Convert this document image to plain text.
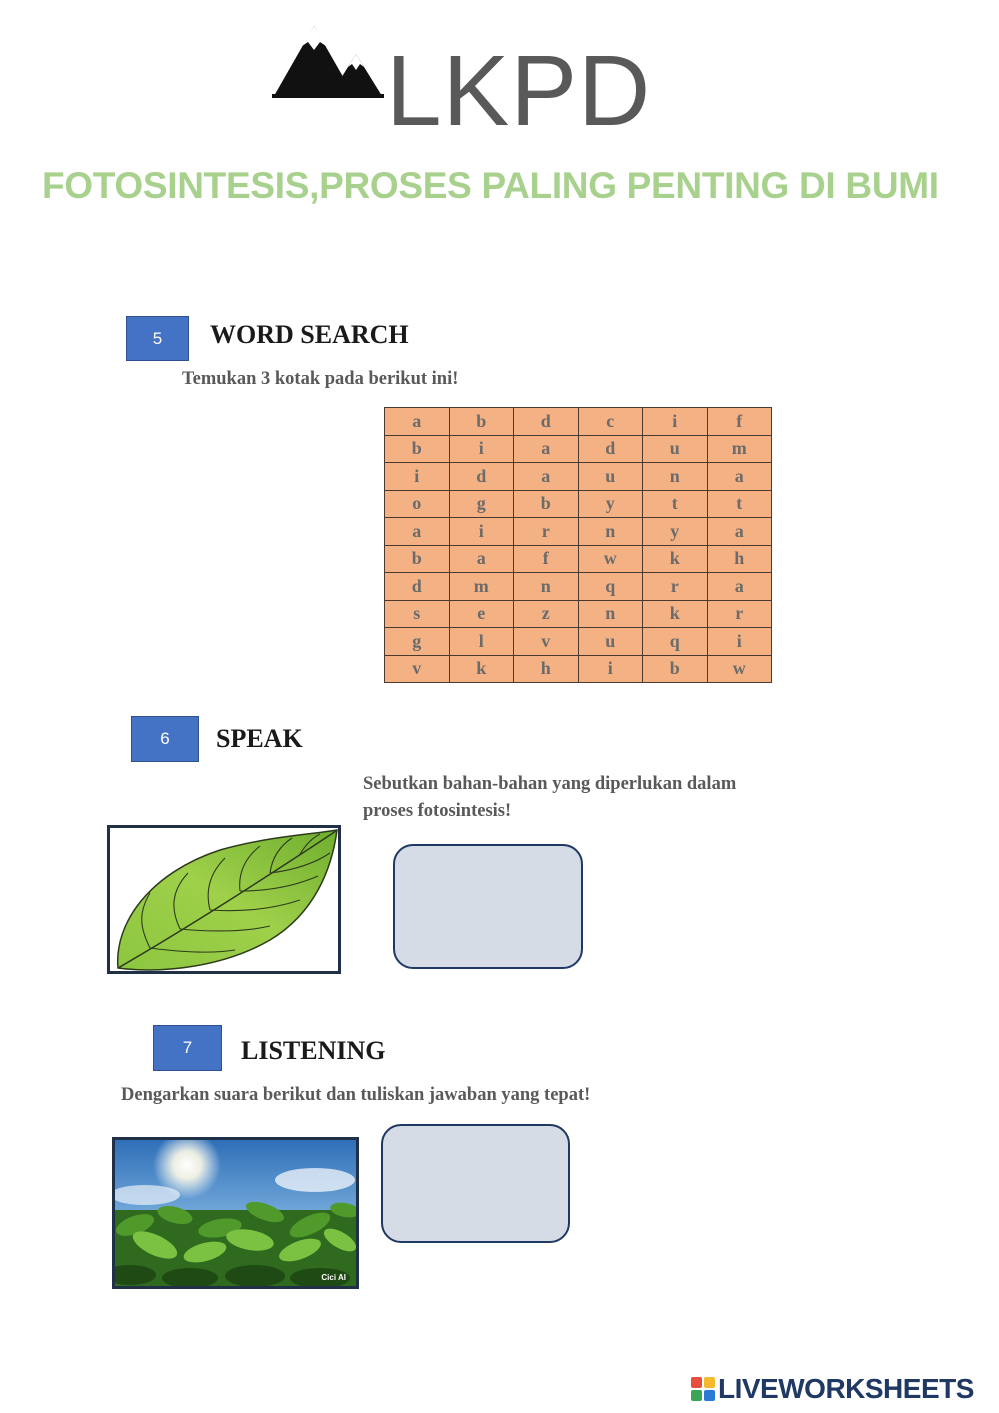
LKPD
FOTOSINTESIS,PROSES PALING PENTING DI BUMI
5	WORD SEARCH
Temukan 3 kotak pada berikut ini!
a	b	d	c	i	f
b	i	a	d	u	m
i	d	a	u	n	a
o	g	b	y	t	t
a	i	r	n	y	a
b	a	f	w	k	h
d	m	n	q	r	a
s	e	z	n	k	r
g	l	v	u	q	i
v	k	h	i	b	w
6	SPEAK
Sebutkan bahan-bahan yang diperlukan dalam
proses fotosintesis!
7	LISTENING
Dengarkan suara berikut dan tuliskan jawaban yang tepat!
Cici AI
LIVEWORKSHEETS
